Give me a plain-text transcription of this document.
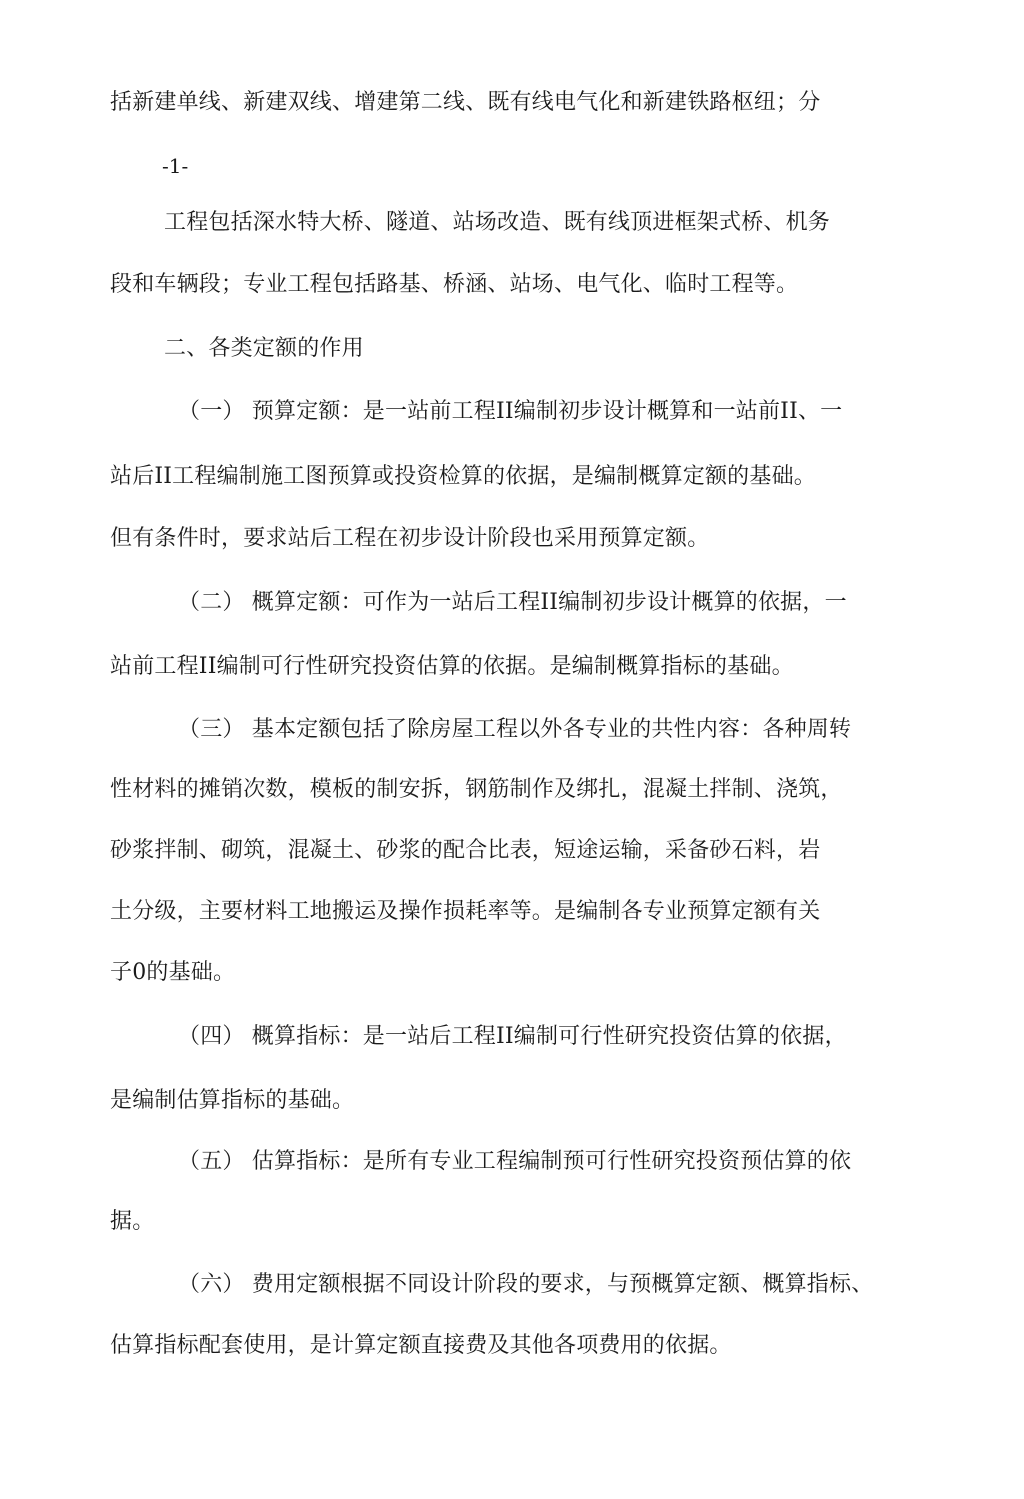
括新建单线、新建双线、增建第二线、既有线电气化和新建铁路枢纽；分
-1-
工程包括深水特大桥、隧道、站场改造、既有线顶进框架式桥、机务
段和车辆段；专业工程包括路基、桥涵、站场、电气化、临时工程等。
二、各类定额的作用
（一） 预算定额：是一站前工程II编制初步设计概算和一站前II、一
站后II工程编制施工图预算或投资检算的依据，是编制概算定额的基础。
但有条件时，要求站后工程在初步设计阶段也采用预算定额。
（二） 概算定额：可作为一站后工程II编制初步设计概算的依据，一
站前工程II编制可行性研究投资估算的依据。是编制概算指标的基础。
（三） 基本定额包括了除房屋工程以外各专业的共性内容：各种周转
性材料的摊销次数，模板的制安拆，钢筋制作及绑扎，混凝土拌制、浇筑，
砂浆拌制、砌筑，混凝土、砂浆的配合比表，短途运输，采备砂石料，岩
土分级，主要材料工地搬运及操作损耗率等。是编制各专业预算定额有关
子0的基础。
（四） 概算指标：是一站后工程II编制可行性研究投资估算的依据，
是编制估算指标的基础。
（五） 估算指标：是所有专业工程编制预可行性研究投资预估算的依
据。
（六） 费用定额根据不同设计阶段的要求，与预概算定额、概算指标、
估算指标配套使用，是计算定额直接费及其他各项费用的依据。
